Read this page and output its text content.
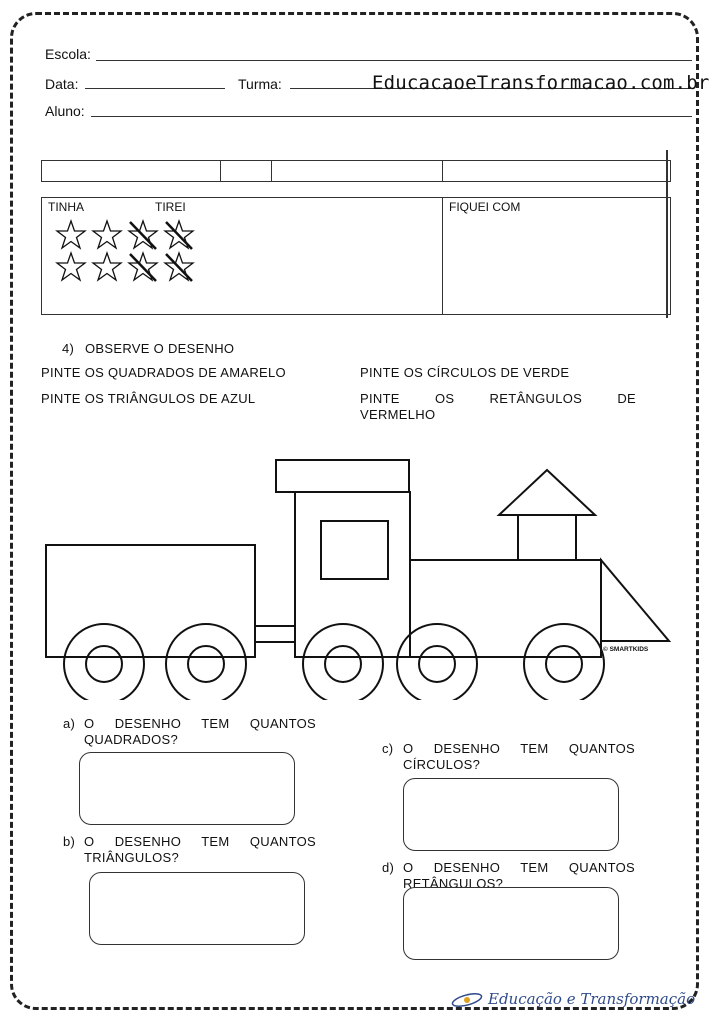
Escola:
Data:	Turma:	EducacaoeTransformacao.com.br
Aluno:
TINHA	TIREI	FIQUEI COM
4) OBSERVE O DESENHO
PINTE OS QUADRADOS DE AMARELO	PINTE OS CÍRCULOS DE VERDE
PINTE OS TRIÂNGULOS DE AZUL	PINTE OS RETÂNGULOS DE
VERMELHO
© SMARTKIDS
a) O DESENHO TEM QUANTOS
QUADRADOS?
b) O DESENHO TEM QUANTOS
TRIÂNGULOS?
c) O DESENHO TEM QUANTOS
CÍRCULOS?
d) O DESENHO TEM QUANTOS
RETÂNGULOS?
Educação e Transformação
